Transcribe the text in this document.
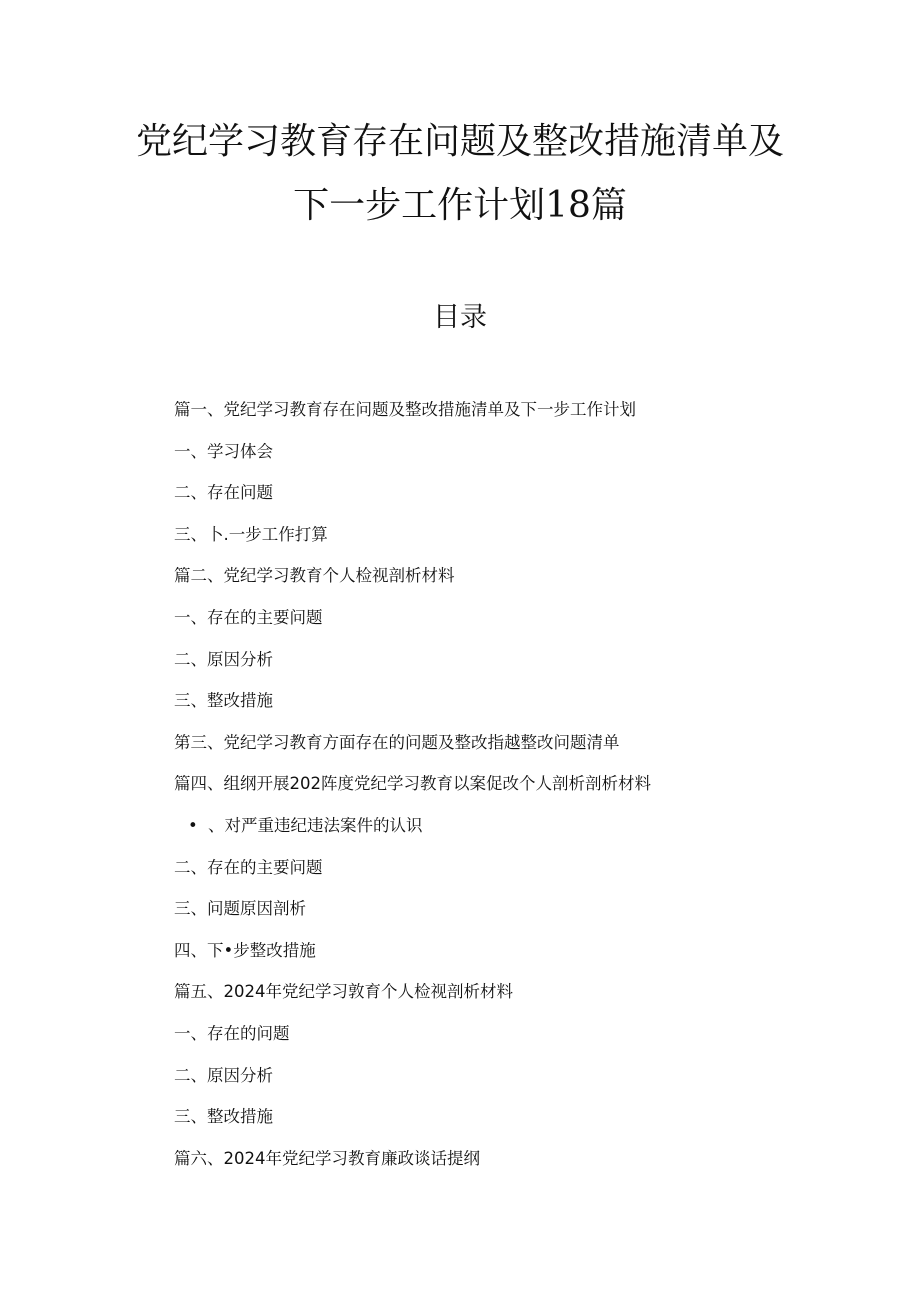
党纪学习教育存在问题及整改措施清单及
下一步工作计划18篇
目录
篇一、党纪学习教育存在问题及整改措施清单及下一步工作计划
一、学习体会
二、存在问题
三、卜.一步工作打算
篇二、党纪学习教育个人检视剖析材料
一、存在的主要问题
二、原因分析
三、整改措施
第三、党纪学习教育方面存在的问题及整改指越整改问题清单
篇四、组纲开展202阵度党纪学习教育以案促改个人剖析剖析材料
• 、对严重违纪违法案件的认识
二、存在的主要问题
三、问题原因剖析
四、下•步整改措施
篇五、2024年党纪学习敦育个人检视剖析材料
一、存在的问题
二、原因分析
三、整改措施
篇六、2024年党纪学习教育廉政谈话提纲
